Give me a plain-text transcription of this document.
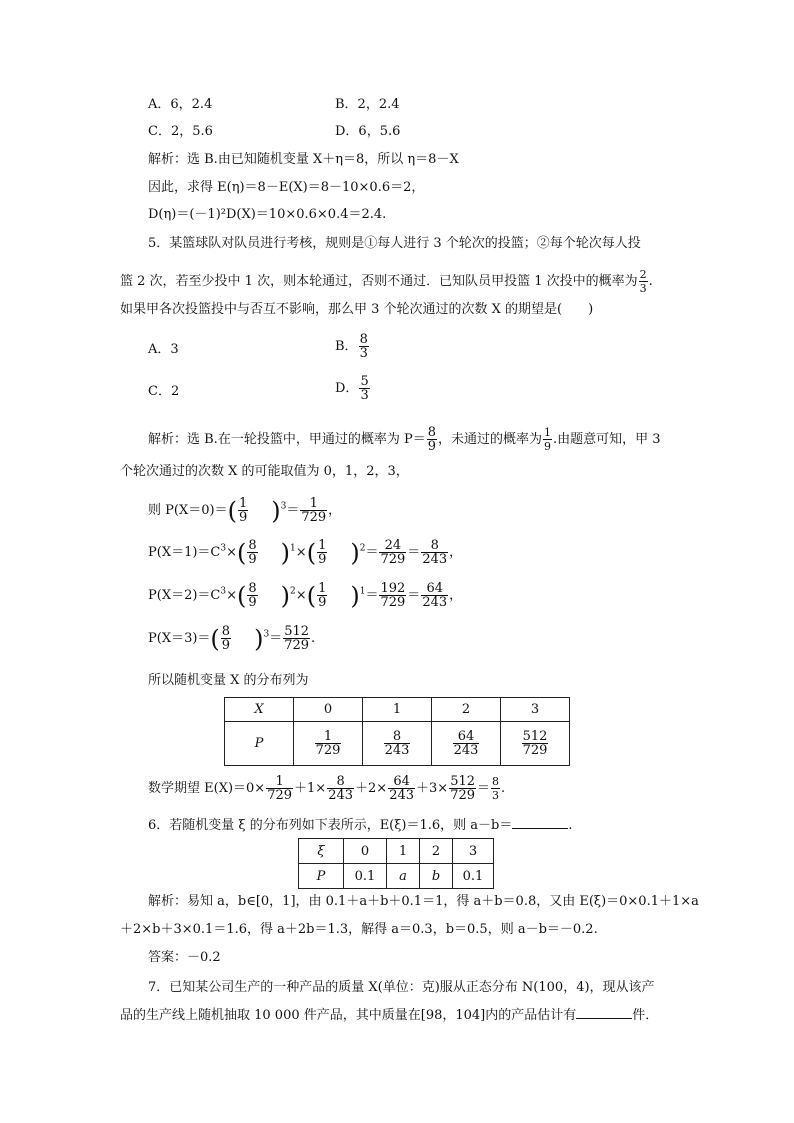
A．6，2.4	B．2，2.4
C．2，5.6	D．6，5.6
解析：选 B.由已知随机变量 X＋η＝8，所以 η＝8－X
因此，求得 E(η)＝8－E(X)＝8－10×0.6＝2，
D(η)＝(－1)²D(X)＝10×0.6×0.4＝2.4.
5．某篮球队对队员进行考核，规则是①每人进行 3 个轮次的投篮；②每个轮次每人投
篮 2 次，若至少投中 1 次，则本轮通过，否则不通过．已知队员甲投篮 1 次投中的概率为 $\frac{2}{3}$ .
如果甲各次投篮投中与否互不影响，那么甲 3 个轮次通过的次数 X 的期望是( )
A．3	B． $\frac{8}{3}$
C．2	D． $\frac{5}{3}$
解析：选 B.在一轮投篮中，甲通过的概率为 $P= \frac{8}{9}$ ，未通过的概率为 $\frac{1}{9}$ .由题意可知，甲 3
个轮次通过的次数 X 的可能取值为 0，1，2，3，
则 $P(X=0)=( \frac{1}{9} )^3= \frac{1}{729}$ ，
$P(X=1)=C^3\times( \frac{8}{9} )^1\times( \frac{1}{9} )^2= \frac{24}{729} = \frac{8}{243}$ ，
$P(X=2)=C^3\times( \frac{8}{9} )^2\times( \frac{1}{9} )^1= \frac{192}{729} = \frac{64}{243}$ ，
$P(X=3)=( \frac{8}{9} )^3= \frac{512}{729}$ .
所以随机变量 X 的分布列为
X	0	1	2	3
P	$\frac{1}{729}$	$\frac{8}{243}$	$\frac{64}{243}$	$\frac{512}{729}$
数学期望 $E(X)=0\times \frac{1}{729} +1\times \frac{8}{243} +2\times \frac{64}{243} +3\times \frac{512}{729} = \frac{8}{3}$ .
6．若随机变量 ξ 的分布列如下表所示，E(ξ)＝1.6，则 a－b＝	.
ξ	0	1	2	3
P	0.1	a	b	0.1
解析：易知 a，b∈[0，1]，由 0.1＋a＋b＋0.1＝1，得 a＋b＝0.8，又由 E(ξ)＝0×0.1＋1×a
＋2×b＋3×0.1＝1.6，得 a＋2b＝1.3，解得 a＝0.3，b＝0.5，则 a－b＝－0.2.
答案：－0.2
7．已知某公司生产的一种产品的质量 X(单位：克)服从正态分布 N(100，4)，现从该产
品的生产线上随机抽取 10 000 件产品，其中质量在[98，104]内的产品估计有	件．
